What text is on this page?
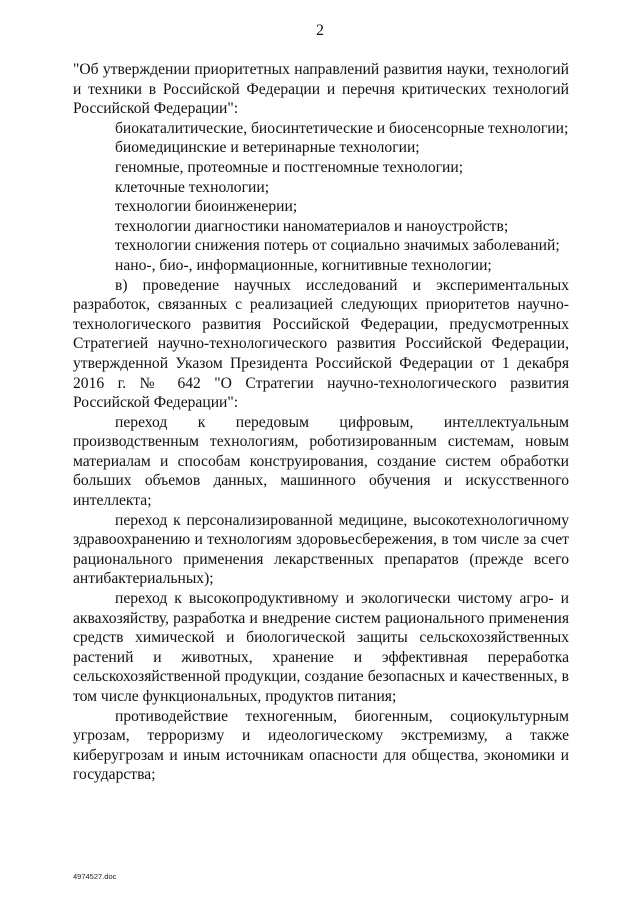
2

"Об утверждении приоритетных направлений развития науки, технологий и техники в Российской Федерации и перечня критических технологий Российской Федерации":

биокаталитические, биосинтетические и биосенсорные технологии;

биомедицинские и ветеринарные технологии;

геномные, протеомные и постгеномные технологии;

клеточные технологии;

технологии биоинженерии;

технологии диагностики наноматериалов и наноустройств;

технологии снижения потерь от социально значимых заболеваний;

нано-, био-, информационные, когнитивные технологии;

в) проведение научных исследований и экспериментальных разработок, связанных с реализацией следующих приоритетов научно-технологического развития Российской Федерации, предусмотренных Стратегией научно-технологического развития Российской Федерации, утвержденной Указом Президента Российской Федерации от 1 декабря 2016 г. № 642 "О Стратегии научно-технологического развития Российской Федерации":

переход к передовым цифровым, интеллектуальным производственным технологиям, роботизированным системам, новым материалам и способам конструирования, создание систем обработки больших объемов данных, машинного обучения и искусственного интеллекта;

переход к персонализированной медицине, высокотехнологичному здравоохранению и технологиям здоровьесбережения, в том числе за счет рационального применения лекарственных препаратов (прежде всего антибактериальных);

переход к высокопродуктивному и экологически чистому агро- и аквахозяйству, разработка и внедрение систем рационального применения средств химической и биологической защиты сельскохозяйственных растений и животных, хранение и эффективная переработка сельскохозяйственной продукции, создание безопасных и качественных, в том числе функциональных, продуктов питания;

противодействие техногенным, биогенным, социокультурным угрозам, терроризму и идеологическому экстремизму, а также киберугрозам и иным источникам опасности для общества, экономики и государства;

4974527.doc
